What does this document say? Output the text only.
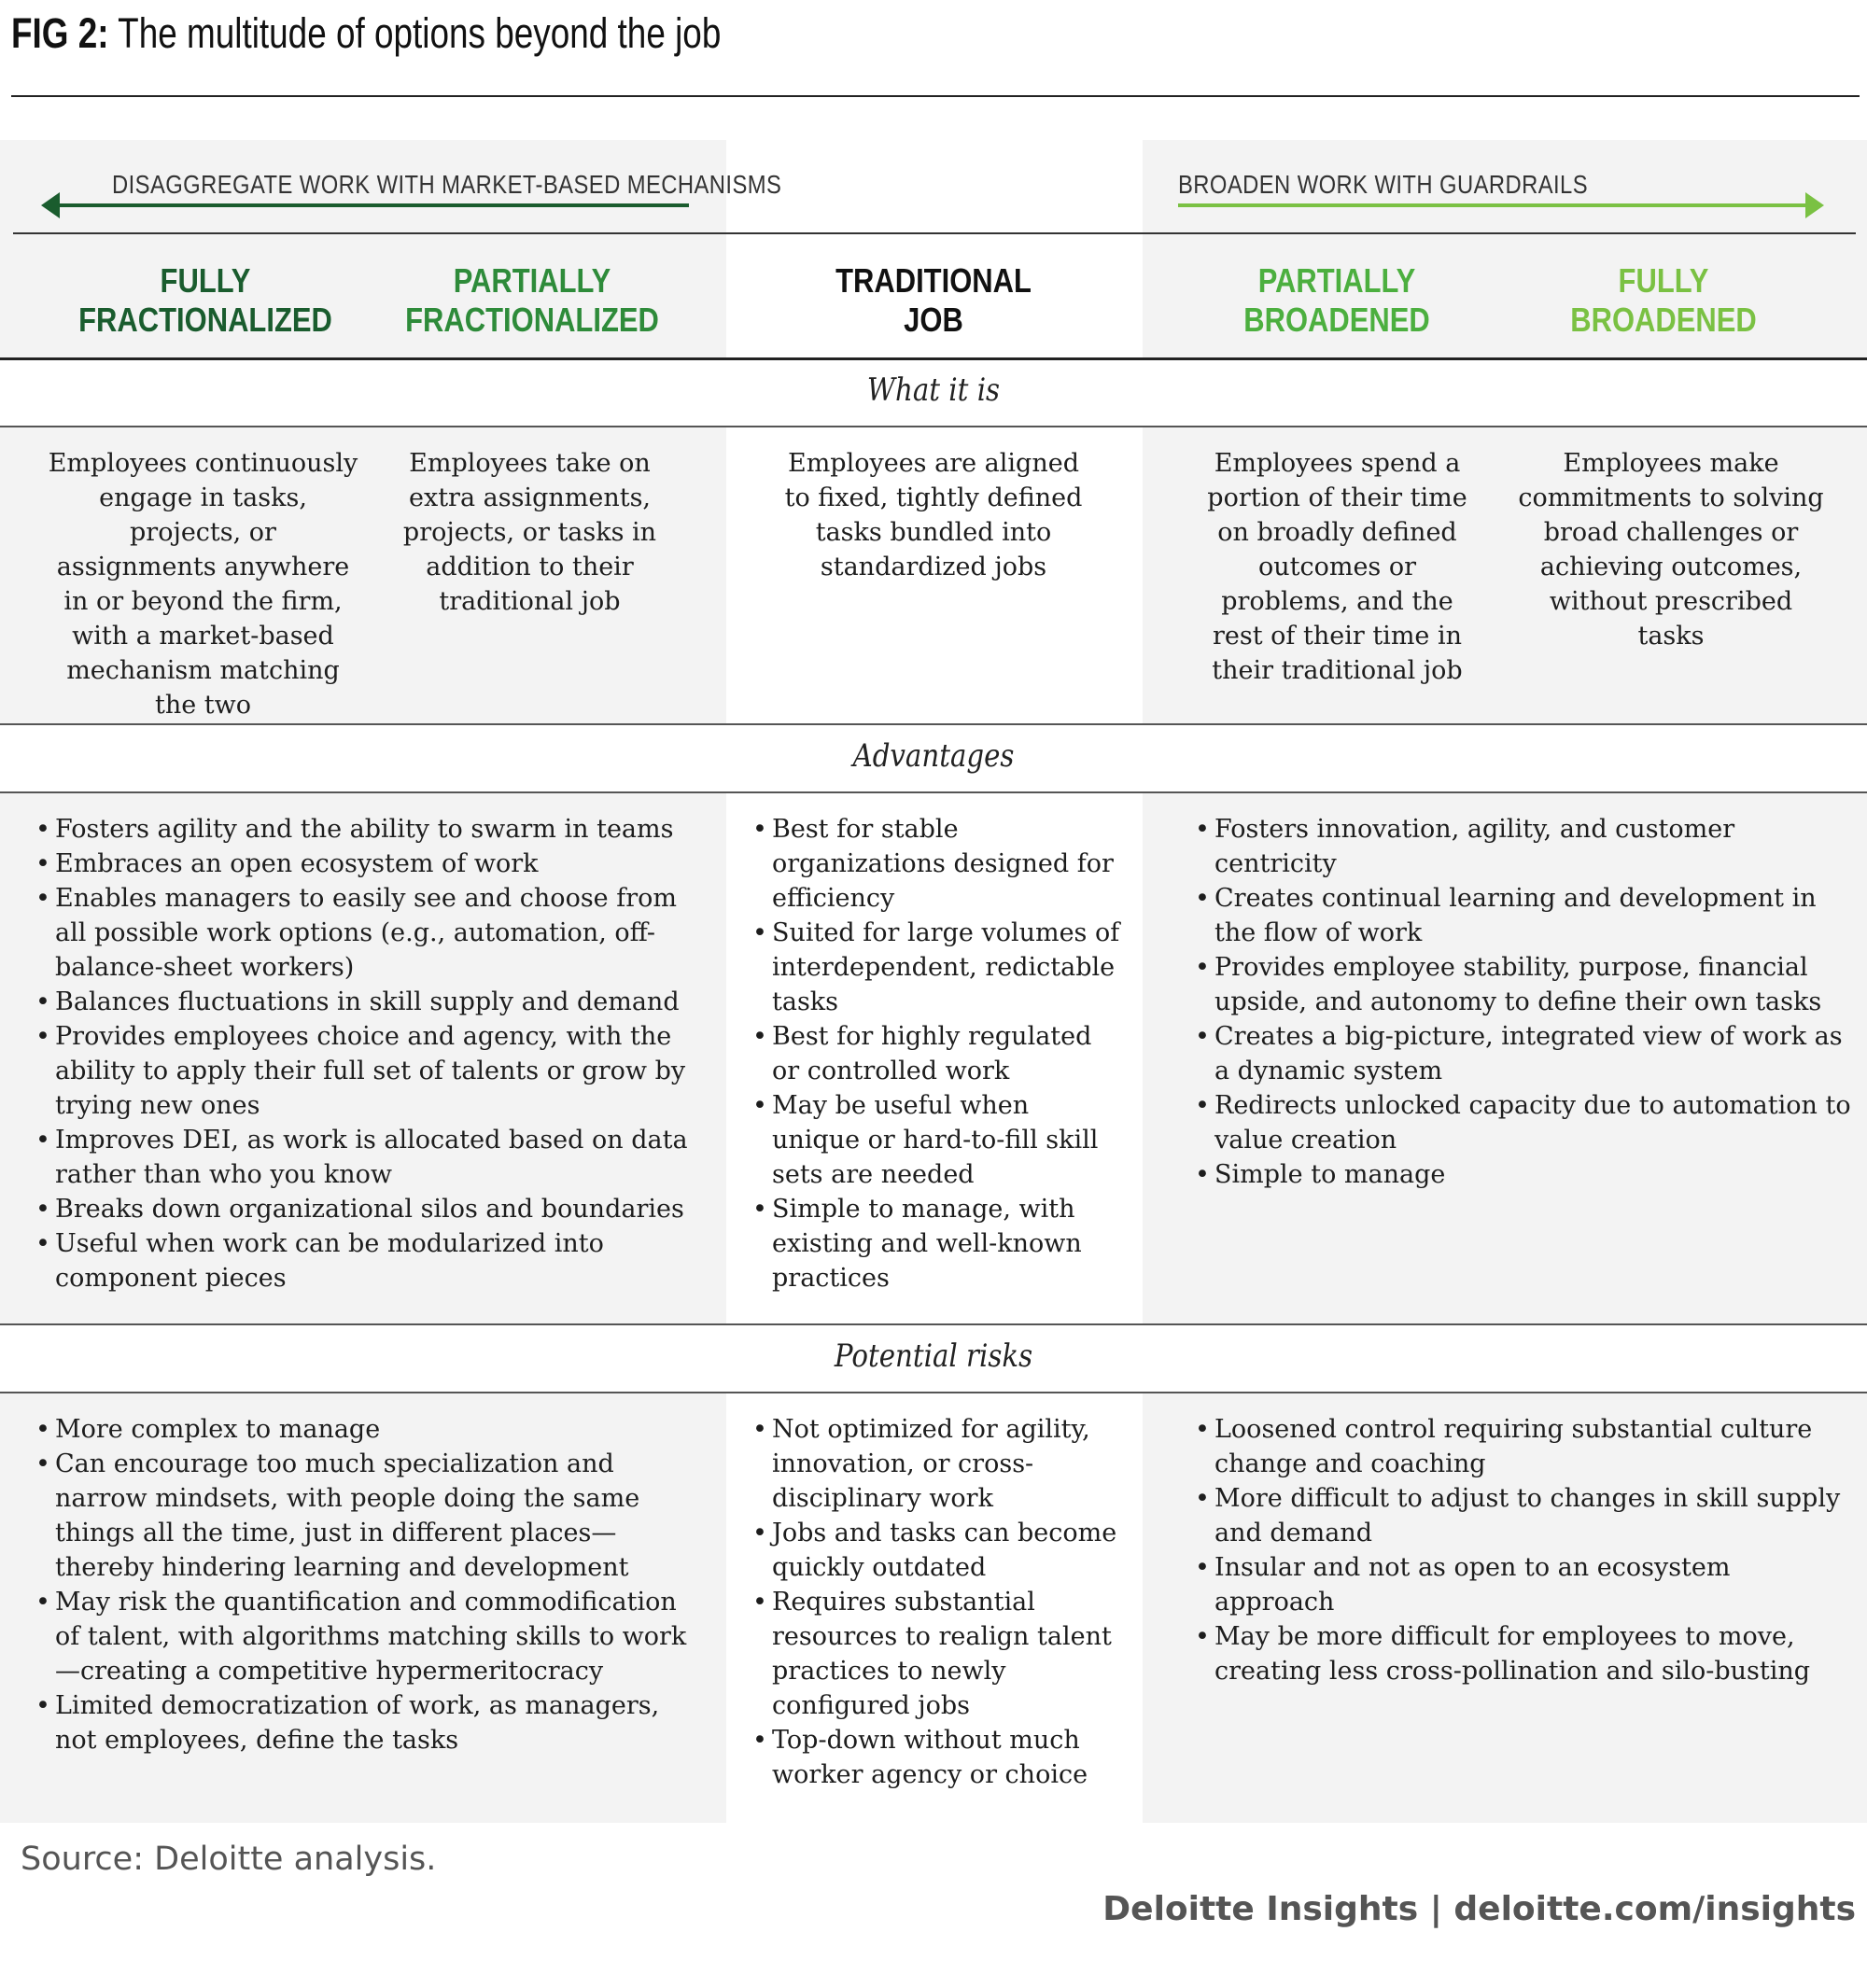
FIG 2: The multitude of options beyond the job
DISAGGREGATE WORK WITH MARKET-BASED MECHANISMS	BROADEN WORK WITH GUARDRAILS
FULLY
FRACTIONALIZED
PARTIALLY
FRACTIONALIZED
TRADITIONAL
JOB
PARTIALLY
BROADENED
FULLY
BROADENED
What it is
Advantages
Potential risks
Employees continuously engage in tasks, projects, or assignments anywhere in or beyond the firm, with a market-based mechanism matching the two
Employees take on extra assignments, projects, or tasks in addition to their traditional job
Employees are aligned to fixed, tightly defined tasks bundled into standardized jobs
Employees spend a portion of their time on broadly defined outcomes or problems, and the rest of their time in their traditional job
Employees make commitments to solving broad challenges or achieving outcomes, without prescribed tasks
• Fosters agility and the ability to swarm in teams
• Embraces an open ecosystem of work
• Enables managers to easily see and choose from all possible work options (e.g., automation, off-balance-sheet workers)
• Balances fluctuations in skill supply and demand
• Provides employees choice and agency, with the ability to apply their full set of talents or grow by trying new ones
• Improves DEI, as work is allocated based on data rather than who you know
• Breaks down organizational silos and boundaries
• Useful when work can be modularized into component pieces
• Best for stable organizations designed for efficiency
• Suited for large volumes of interdependent, redictable tasks
• Best for highly regulated or controlled work
• May be useful when unique or hard-to-fill skill sets are needed
• Simple to manage, with existing and well-known practices
• Fosters innovation, agility, and customer centricity
• Creates continual learning and development in the flow of work
• Provides employee stability, purpose, financial upside, and autonomy to define their own tasks
• Creates a big-picture, integrated view of work as a dynamic system
• Redirects unlocked capacity due to automation to value creation
• Simple to manage
• More complex to manage
• Can encourage too much specialization and narrow mindsets, with people doing the same things all the time, just in different places—thereby hindering learning and development
• May risk the quantification and commodification of talent, with algorithms matching skills to work—creating a competitive hypermeritocracy
• Limited democratization of work, as managers, not employees, define the tasks
• Not optimized for agility, innovation, or cross-disciplinary work
• Jobs and tasks can become quickly outdated
• Requires substantial resources to realign talent practices to newly configured jobs
• Top-down without much worker agency or choice
• Loosened control requiring substantial culture change and coaching
• More difficult to adjust to changes in skill supply and demand
• Insular and not as open to an ecosystem approach
• May be more difficult for employees to move, creating less cross-pollination and silo-busting
Source: Deloitte analysis.
Deloitte Insights | deloitte.com/insights
